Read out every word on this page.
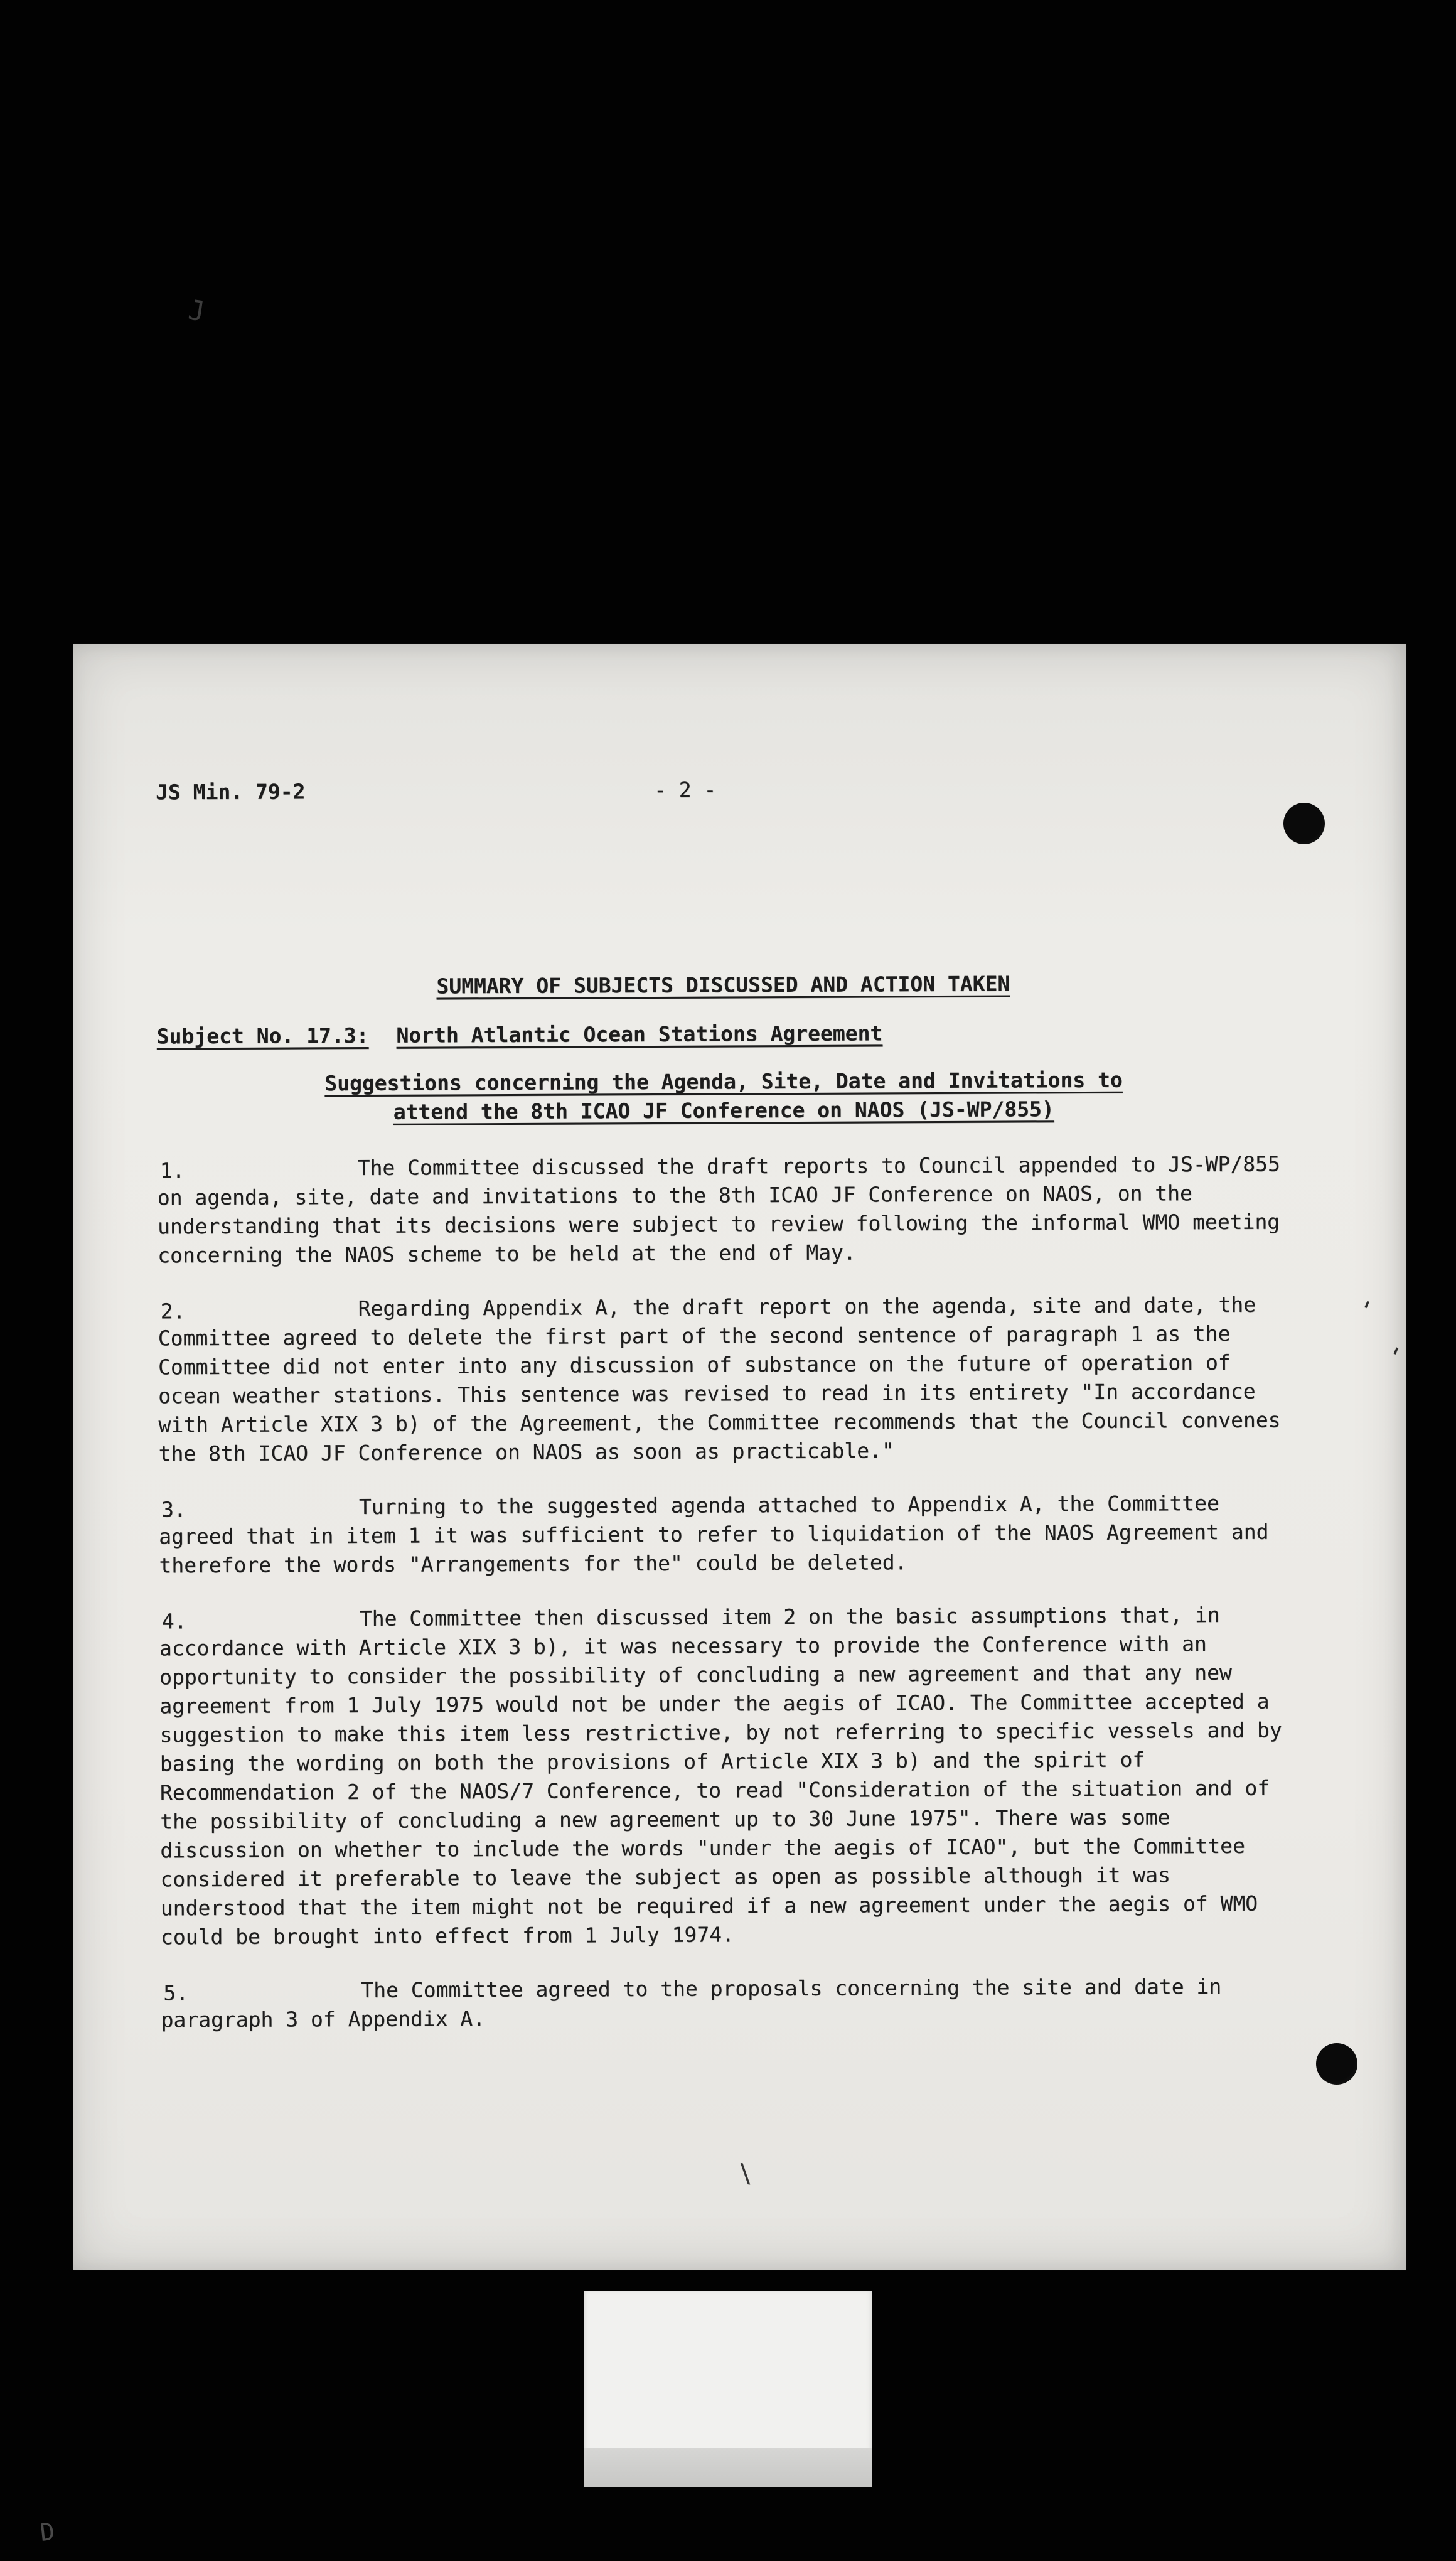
J
D
JS Min. 79-2	- 2 -
SUMMARY OF SUBJECTS DISCUSSED AND ACTION TAKEN
Subject No. 17.3: North Atlantic Ocean Stations Agreement
Suggestions concerning the Agenda, Site, Date and Invitations to
attend the 8th ICAO JF Conference on NAOS (JS-WP/855)
1.	The Committee discussed the draft reports to Council appended to JS-WP/855 on agenda, site, date and invitations to the 8th ICAO JF Conference on NAOS, on the understanding that its decisions were subject to review following the informal WMO meeting concerning the NAOS scheme to be held at the end of May.
2.	Regarding Appendix A, the draft report on the agenda, site and date, the Committee agreed to delete the first part of the second sentence of paragraph 1 as the Committee did not enter into any discussion of substance on the future of operation of ocean weather stations. This sentence was revised to read in its entirety "In accordance with Article XIX 3 b) of the Agreement, the Committee recommends that the Council convenes the 8th ICAO JF Conference on NAOS as soon as practicable."
3.	Turning to the suggested agenda attached to Appendix A, the Committee agreed that in item 1 it was sufficient to refer to liquidation of the NAOS Agreement and therefore the words "Arrangements for the" could be deleted.
4.	The Committee then discussed item 2 on the basic assumptions that, in accordance with Article XIX 3 b), it was necessary to provide the Conference with an opportunity to consider the possibility of concluding a new agreement and that any new agreement from 1 July 1975 would not be under the aegis of ICAO. The Committee accepted a suggestion to make this item less restrictive, by not referring to specific vessels and by basing the wording on both the provisions of Article XIX 3 b) and the spirit of Recommendation 2 of the NAOS/7 Conference, to read "Consideration of the situation and of the possibility of concluding a new agreement up to 30 June 1975". There was some discussion on whether to include the words "under the aegis of ICAO", but the Committee considered it preferable to leave the subject as open as possible although it was understood that the item might not be required if a new agreement under the aegis of WMO could be brought into effect from 1 July 1974.
5.	The Committee agreed to the proposals concerning the site and date in paragraph 3 of Appendix A.
'
'
\
